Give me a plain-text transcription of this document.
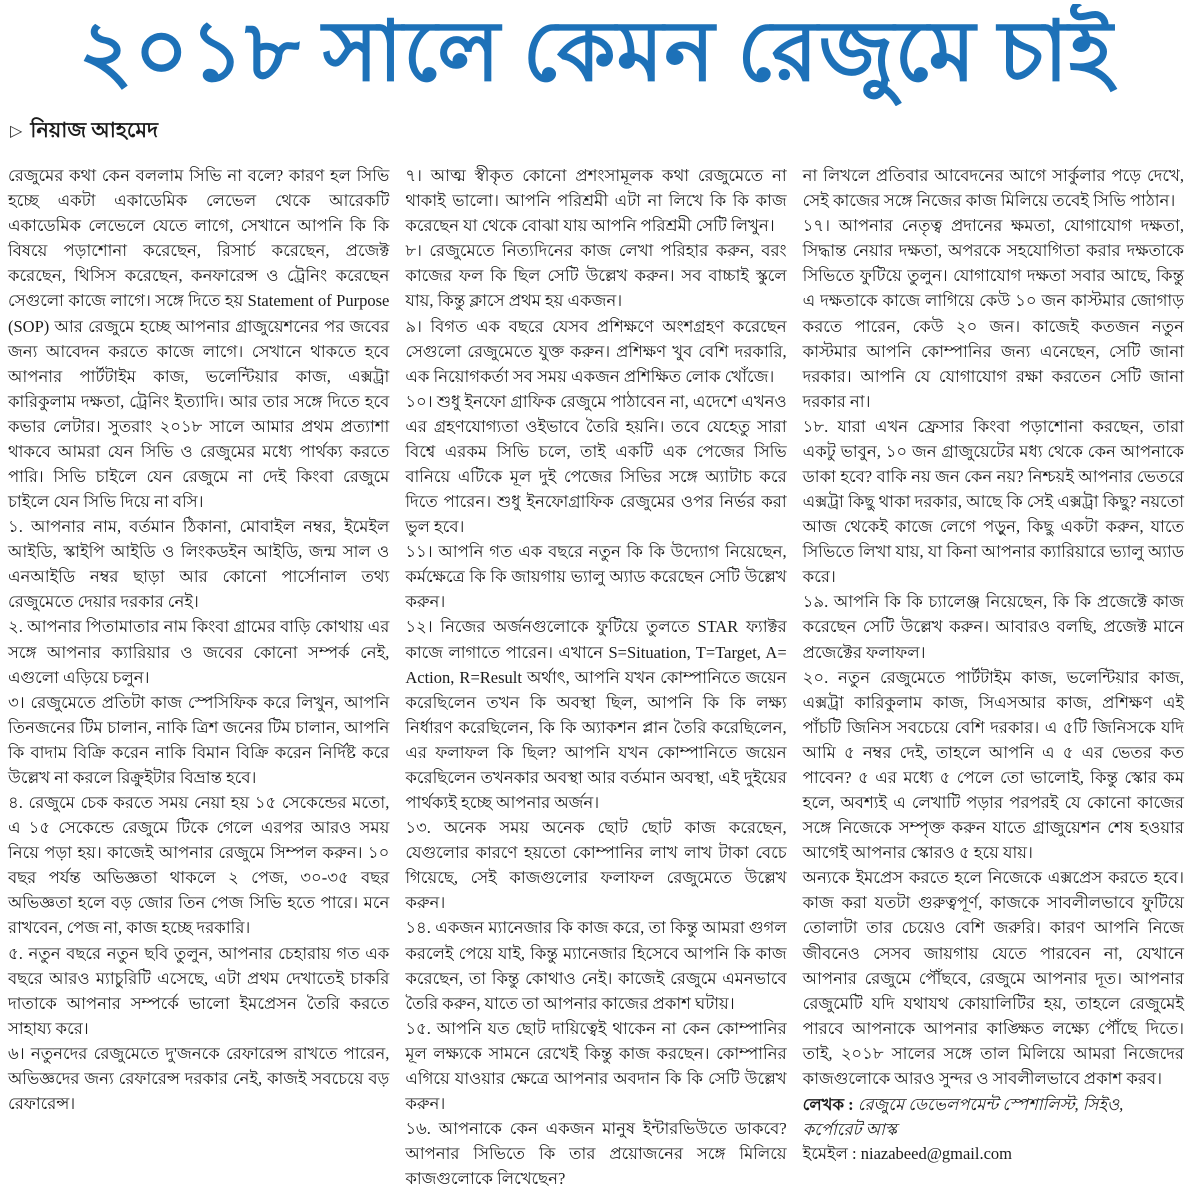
২০১৮ সালে কেমন রেজুমে চাই
▷ নিয়াজ আহমেদ

রেজুমের কথা কেন বললাম সিভি না বলে? কারণ হল সিভি হচ্ছে একটা একাডেমিক লেভেল থেকে আরেকটি একাডেমিক লেভেলে যেতে লাগে, সেখানে আপনি কি কি বিষয়ে পড়াশোনা করেছেন, রিসার্চ করেছেন, প্রজেক্ট করেছেন, থিসিস করেছেন, কনফারেন্স ও ট্রেনিং করেছেন সেগুলো কাজে লাগে। সঙ্গে দিতে হয় Statement of Purpose (SOP) আর রেজুমে হচ্ছে আপনার গ্রাজুয়েশনের পর জবের জন্য আবেদন করতে কাজে লাগে। সেখানে থাকতে হবে আপনার পার্টটাইম কাজ, ভলেন্টিয়ার কাজ, এক্সট্রা কারিকুলাম দক্ষতা, ট্রেনিং ইত্যাদি। আর তার সঙ্গে দিতে হবে কভার লেটার। সুতরাং ২০১৮ সালে আমার প্রথম প্রত্যাশা থাকবে আমরা যেন সিভি ও রেজুমের মধ্যে পার্থক্য করতে পারি। সিভি চাইলে যেন রেজুমে না দেই কিংবা রেজুমে চাইলে যেন সিভি দিয়ে না বসি।

১. আপনার নাম, বর্তমান ঠিকানা, মোবাইল নম্বর, ইমেইল আইডি, স্কাইপি আইডি ও লিংকডইন আইডি, জন্ম সাল ও এনআইডি নম্বর ছাড়া আর কোনো পার্সোনাল তথ্য রেজুমেতে দেয়ার দরকার নেই।

২. আপনার পিতামাতার নাম কিংবা গ্রামের বাড়ি কোথায় এর সঙ্গে আপনার ক্যারিয়ার ও জবের কোনো সম্পর্ক নেই, এগুলো এড়িয়ে চলুন।

৩। রেজুমেতে প্রতিটা কাজ স্পেসিফিক করে লিখুন, আপনি তিনজনের টিম চালান, নাকি ত্রিশ জনের টিম চালান, আপনি কি বাদাম বিক্রি করেন নাকি বিমান বিক্রি করেন নির্দিষ্ট করে উল্লেখ না করলে রিক্রুইটার বিভ্রান্ত হবে।

৪. রেজুমে চেক করতে সময় নেয়া হয় ১৫ সেকেন্ডের মতো, এ ১৫ সেকেন্ডে রেজুমে টিকে গেলে এরপর আরও সময় নিয়ে পড়া হয়। কাজেই আপনার রেজুমে সিম্পল করুন। ১০ বছর পর্যন্ত অভিজ্ঞতা থাকলে ২ পেজ, ৩০-৩৫ বছর অভিজ্ঞতা হলে বড় জোর তিন পেজ সিভি হতে পারে। মনে রাখবেন, পেজ না, কাজ হচ্ছে দরকারি।

৫. নতুন বছরে নতুন ছবি তুলুন, আপনার চেহারায় গত এক বছরে আরও ম্যাচুরিটি এসেছে, এটা প্রথম দেখাতেই চাকরি দাতাকে আপনার সম্পর্কে ভালো ইমপ্রেসন তৈরি করতে সাহায্য করে।

৬। নতুনদের রেজুমেতে দু'জনকে রেফারেন্স রাখতে পারেন, অভিজ্ঞদের জন্য রেফারেন্স দরকার নেই, কাজই সবচেয়ে বড় রেফারেন্স।

৭। আত্ম স্বীকৃত কোনো প্রশংসামূলক কথা রেজুমেতে না থাকাই ভালো। আপনি পরিশ্রমী এটা না লিখে কি কি কাজ করেছেন যা থেকে বোঝা যায় আপনি পরিশ্রমী সেটি লিখুন।

৮। রেজুমেতে নিত্যদিনের কাজ লেখা পরিহার করুন, বরং কাজের ফল কি ছিল সেটি উল্লেখ করুন। সব বাচ্চাই স্কুলে যায়, কিন্তু ক্লাসে প্রথম হয় একজন।

৯। বিগত এক বছরে যেসব প্রশিক্ষণে অংশগ্রহণ করেছেন সেগুলো রেজুমেতে যুক্ত করুন। প্রশিক্ষণ খুব বেশি দরকারি, এক নিয়োগকর্তা সব সময় একজন প্রশিক্ষিত লোক খোঁজে।

১০। শুধু ইনফো গ্রাফিক রেজুমে পাঠাবেন না, এদেশে এখনও এর গ্রহণযোগ্যতা ওইভাবে তৈরি হয়নি। তবে যেহেতু সারা বিশ্বে এরকম সিভি চলে, তাই একটি এক পেজের সিভি বানিয়ে এটিকে মূল দুই পেজের সিভির সঙ্গে অ্যাটাচ করে দিতে পারেন। শুধু ইনফোগ্রাফিক রেজুমের ওপর নির্ভর করা ভুল হবে।

১১। আপনি গত এক বছরে নতুন কি কি উদ্যোগ নিয়েছেন, কর্মক্ষেত্রে কি কি জায়গায় ভ্যালু অ্যাড করেছেন সেটি উল্লেখ করুন।

১২। নিজের অর্জনগুলোকে ফুটিয়ে তুলতে STAR ফ্যাক্টর কাজে লাগাতে পারেন। এখানে S=Situation, T=Target, A= Action, R=Result অর্থাৎ, আপনি যখন কোম্পানিতে জয়েন করেছিলেন তখন কি অবস্থা ছিল, আপনি কি কি লক্ষ্য নির্ধারণ করেছিলেন, কি কি অ্যাকশন প্লান তৈরি করেছিলেন, এর ফলাফল কি ছিল? আপনি যখন কোম্পানিতে জয়েন করেছিলেন তখনকার অবস্থা আর বর্তমান অবস্থা, এই দুইয়ের পার্থক্যই হচ্ছে আপনার অর্জন।

১৩. অনেক সময় অনেক ছোট ছোট কাজ করেছেন, যেগুলোর কারণে হয়তো কোম্পানির লাখ লাখ টাকা বেচে গিয়েছে, সেই কাজগুলোর ফলাফল রেজুমেতে উল্লেখ করুন।

১৪. একজন ম্যানেজার কি কাজ করে, তা কিন্তু আমরা গুগল করলেই পেয়ে যাই, কিন্তু ম্যানেজার হিসেবে আপনি কি কাজ করেছেন, তা কিন্তু কোথাও নেই। কাজেই রেজুমে এমনভাবে তৈরি করুন, যাতে তা আপনার কাজের প্রকাশ ঘটায়।

১৫. আপনি যত ছোট দায়িত্বেই থাকেন না কেন কোম্পানির মূল লক্ষ্যকে সামনে রেখেই কিন্তু কাজ করছেন। কোম্পানির এগিয়ে যাওয়ার ক্ষেত্রে আপনার অবদান কি কি সেটি উল্লেখ করুন।

১৬. আপনাকে কেন একজন মানুষ ইন্টারভিউতে ডাকবে? আপনার সিভিতে কি তার প্রয়োজনের সঙ্গে মিলিয়ে কাজগুলোকে লিখেছেন?

না লিখলে প্রতিবার আবেদনের আগে সার্কুলার পড়ে দেখে, সেই কাজের সঙ্গে নিজের কাজ মিলিয়ে তবেই সিভি পাঠান।

১৭। আপনার নেতৃত্ব প্রদানের ক্ষমতা, যোগাযোগ দক্ষতা, সিদ্ধান্ত নেয়ার দক্ষতা, অপরকে সহযোগিতা করার দক্ষতাকে সিভিতে ফুটিয়ে তুলুন। যোগাযোগ দক্ষতা সবার আছে, কিন্তু এ দক্ষতাকে কাজে লাগিয়ে কেউ ১০ জন কাস্টমার জোগাড় করতে পারেন, কেউ ২০ জন। কাজেই কতজন নতুন কাস্টমার আপনি কোম্পানির জন্য এনেছেন, সেটি জানা দরকার। আপনি যে যোগাযোগ রক্ষা করতেন সেটি জানা দরকার না।

১৮. যারা এখন ফ্রেসার কিংবা পড়াশোনা করছেন, তারা একটু ভাবুন, ১০ জন গ্রাজুয়েটের মধ্য থেকে কেন আপনাকে ডাকা হবে? বাকি নয় জন কেন নয়? নিশ্চয়ই আপনার ভেতরে এক্সট্রা কিছু থাকা দরকার, আছে কি সেই এক্সট্রা কিছু? নয়তো আজ থেকেই কাজে লেগে পড়ুন, কিছু একটা করুন, যাতে সিভিতে লিখা যায়, যা কিনা আপনার ক্যারিয়ারে ভ্যালু অ্যাড করে।

১৯. আপনি কি কি চ্যালেঞ্জ নিয়েছেন, কি কি প্রজেক্টে কাজ করেছেন সেটি উল্লেখ করুন। আবারও বলছি, প্রজেক্ট মানে প্রজেক্টের ফলাফল।

২০. নতুন রেজুমেতে পার্টটাইম কাজ, ভলেন্টিয়ার কাজ, এক্সট্রা কারিকুলাম কাজ, সিএসআর কাজ, প্রশিক্ষণ এই পাঁচটি জিনিস সবচেয়ে বেশি দরকার। এ ৫টি জিনিসকে যদি আমি ৫ নম্বর দেই, তাহলে আপনি এ ৫ এর ভেতর কত পাবেন? ৫ এর মধ্যে ৫ পেলে তো ভালোই, কিন্তু স্কোর কম হলে, অবশ্যই এ লেখাটি পড়ার পরপরই যে কোনো কাজের সঙ্গে নিজেকে সম্পৃক্ত করুন যাতে গ্রাজুয়েশন শেষ হওয়ার আগেই আপনার স্কোরও ৫ হয়ে যায়।

অন্যকে ইমপ্রেস করতে হলে নিজেকে এক্সপ্রেস করতে হবে। কাজ করা যতটা গুরুত্বপূর্ণ, কাজকে সাবলীলভাবে ফুটিয়ে তোলাটা তার চেয়েও বেশি জরুরি। কারণ আপনি নিজে জীবনেও সেসব জায়গায় যেতে পারবেন না, যেখানে আপনার রেজুমে পৌঁছবে, রেজুমে আপনার দূত। আপনার রেজুমেটি যদি যথাযথ কোয়ালিটির হয়, তাহলে রেজুমেই পারবে আপনাকে আপনার কাঙ্ক্ষিত লক্ষ্যে পৌঁছে দিতে। তাই, ২০১৮ সালের সঙ্গে তাল মিলিয়ে আমরা নিজেদের কাজগুলোকে আরও সুন্দর ও সাবলীলভাবে প্রকাশ করব।

লেখক : রেজুমে ডেভেলপমেন্ট স্পেশালিস্ট, সিইও, কর্পোরেট আস্ক
ইমেইল : niazabeed@gmail.com
